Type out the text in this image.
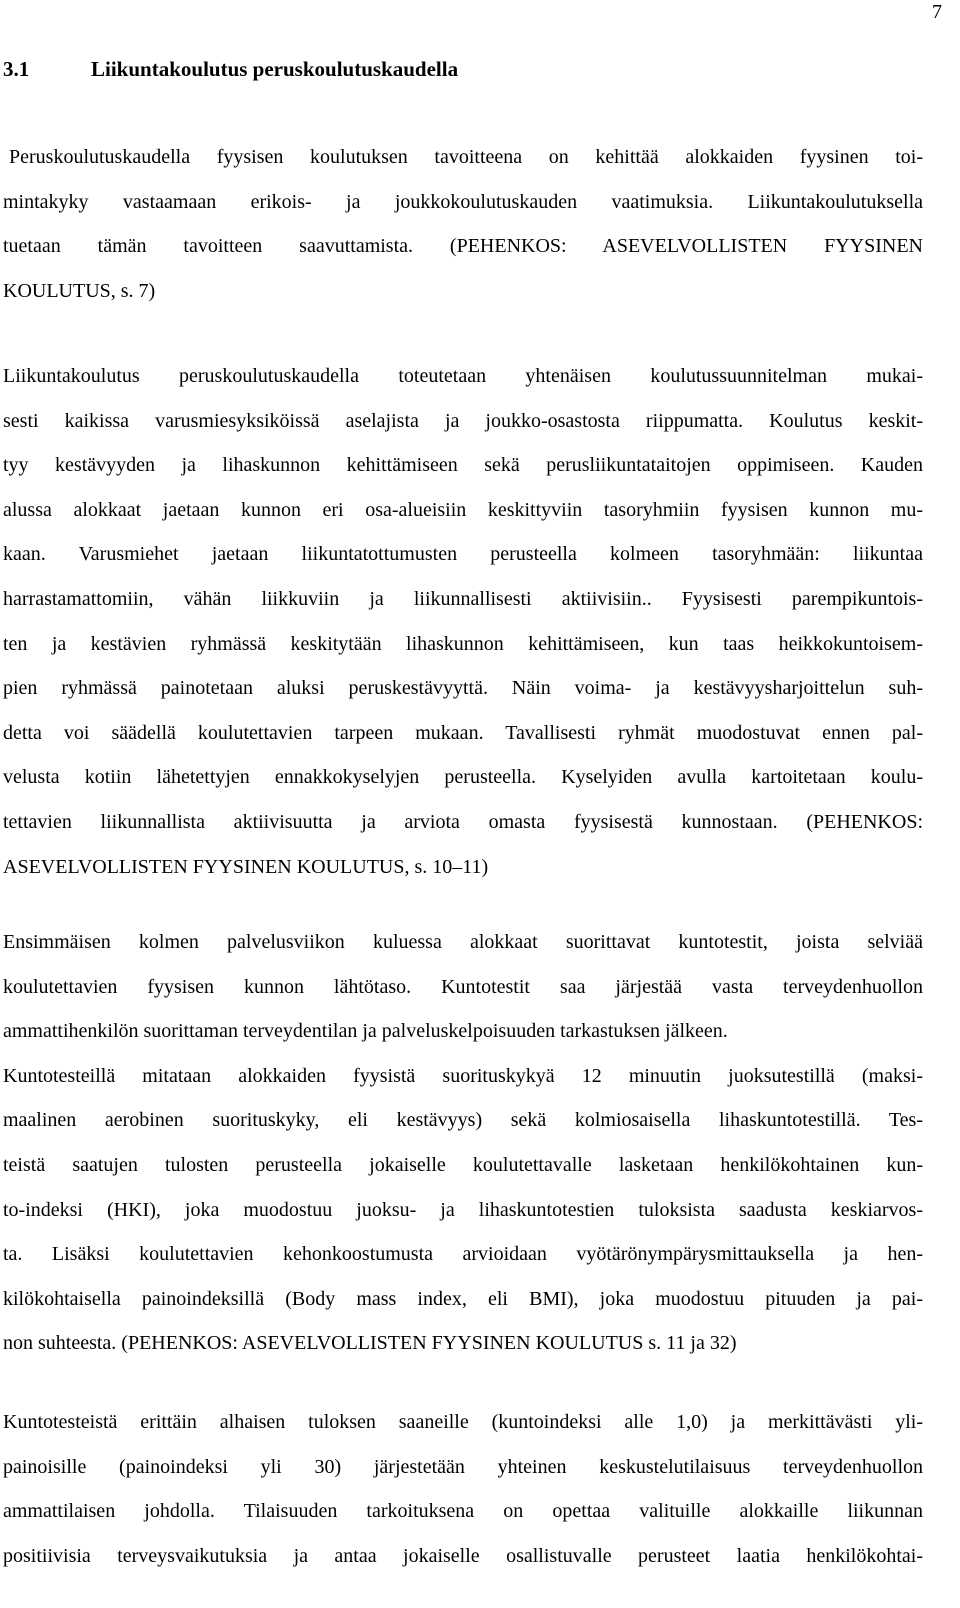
7
3.1	Liikuntakoulutus peruskoulutuskaudella
Peruskoulutuskaudella fyysisen koulutuksen tavoitteena on kehittää alokkaiden fyysinen toi-
mintakyky vastaamaan erikois- ja joukkokoulutuskauden vaatimuksia. Liikuntakoulutuksella
tuetaan tämän tavoitteen saavuttamista. (PEHENKOS: ASEVELVOLLISTEN FYYSINEN
KOULUTUS, s. 7)
Liikuntakoulutus peruskoulutuskaudella toteutetaan yhtenäisen koulutussuunnitelman mukai-
sesti kaikissa varusmiesyksiköissä aselajista ja joukko-osastosta riippumatta. Koulutus keskit-
tyy kestävyyden ja lihaskunnon kehittämiseen sekä perusliikuntataitojen oppimiseen. Kauden
alussa alokkaat jaetaan kunnon eri osa-alueisiin keskittyviin tasoryhmiin fyysisen kunnon mu-
kaan. Varusmiehet jaetaan liikuntatottumusten perusteella kolmeen tasoryhmään: liikuntaa
harrastamattomiin, vähän liikkuviin ja liikunnallisesti aktiivisiin.. Fyysisesti parempikuntois-
ten ja kestävien ryhmässä keskitytään lihaskunnon kehittämiseen, kun taas heikkokuntoisem-
pien ryhmässä painotetaan aluksi peruskestävyyttä. Näin voima- ja kestävyysharjoittelun suh-
detta voi säädellä koulutettavien tarpeen mukaan. Tavallisesti ryhmät muodostuvat ennen pal-
velusta kotiin lähetettyjen ennakkokyselyjen perusteella. Kyselyiden avulla kartoitetaan koulu-
tettavien liikunnallista aktiivisuutta ja arviota omasta fyysisestä kunnostaan. (PEHENKOS:
ASEVELVOLLISTEN FYYSINEN KOULUTUS, s. 10–11)
Ensimmäisen kolmen palvelusviikon kuluessa alokkaat suorittavat kuntotestit, joista selviää
koulutettavien fyysisen kunnon lähtötaso. Kuntotestit saa järjestää vasta terveydenhuollon
ammattihenkilön suorittaman terveydentilan ja palveluskelpoisuuden tarkastuksen jälkeen.
Kuntotesteillä mitataan alokkaiden fyysistä suorituskykyä 12 minuutin juoksutestillä (maksi-
maalinen aerobinen suorituskyky, eli kestävyys) sekä kolmiosaisella lihaskuntotestillä. Tes-
teistä saatujen tulosten perusteella jokaiselle koulutettavalle lasketaan henkilökohtainen kun-
to-indeksi (HKI), joka muodostuu juoksu- ja lihaskuntotestien tuloksista saadusta keskiarvos-
ta. Lisäksi koulutettavien kehonkoostumusta arvioidaan vyötärönympärysmittauksella ja hen-
kilökohtaisella painoindeksillä (Body mass index, eli BMI), joka muodostuu pituuden ja pai-
non suhteesta. (PEHENKOS: ASEVELVOLLISTEN FYYSINEN KOULUTUS s. 11 ja 32)
Kuntotesteistä erittäin alhaisen tuloksen saaneille (kuntoindeksi alle 1,0) ja merkittävästi yli-
painoisille (painoindeksi yli 30) järjestetään yhteinen keskustelutilaisuus terveydenhuollon
ammattilaisen johdolla. Tilaisuuden tarkoituksena on opettaa valituille alokkaille liikunnan
positiivisia terveysvaikutuksia ja antaa jokaiselle osallistuvalle perusteet laatia henkilökohtai-
